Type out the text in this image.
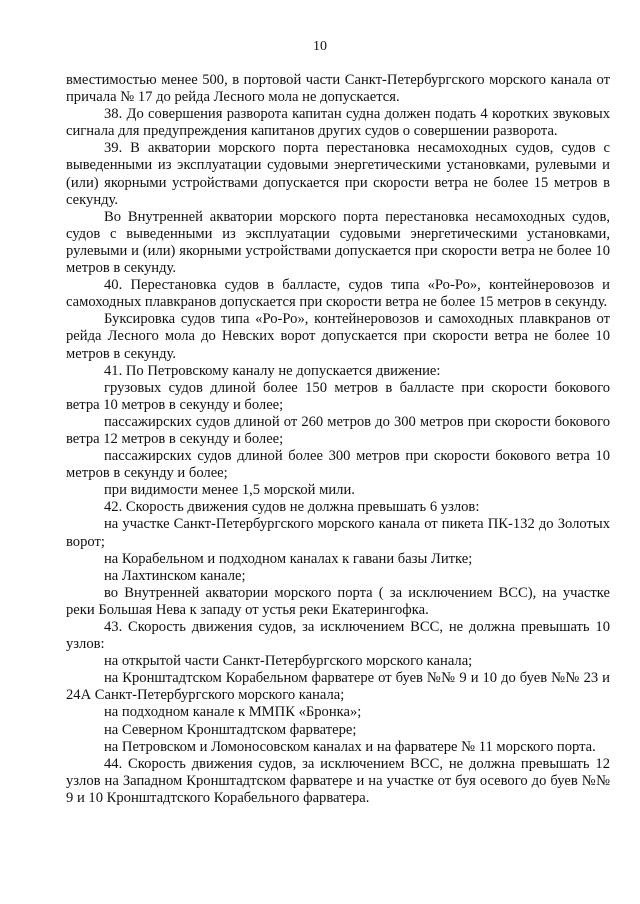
10

вместимостью менее 500, в портовой части Санкт-Петербургского морского канала от причала № 17 до рейда Лесного мола не допускается.

38. До совершения разворота капитан судна должен подать 4 коротких звуковых сигнала для предупреждения капитанов других судов о совершении разворота.

39. В акватории морского порта перестановка несамоходных судов, судов с выведенными из эксплуатации судовыми энергетическими установками, рулевыми и (или) якорными устройствами допускается при скорости ветра не более 15 метров в секунду.

Во Внутренней акватории морского порта перестановка несамоходных судов, судов с выведенными из эксплуатации судовыми энергетическими установками, рулевыми и (или) якорными устройствами допускается при скорости ветра не более 10 метров в секунду.

40. Перестановка судов в балласте, судов типа «Ро-Ро», контейнеровозов и самоходных плавкранов допускается при скорости ветра не более 15 метров в секунду.

Буксировка судов типа «Ро-Ро», контейнеровозов и самоходных плавкранов от рейда Лесного мола до Невских ворот допускается при скорости ветра не более 10 метров в секунду.

41. По Петровскому каналу не допускается движение:

грузовых судов длиной более 150 метров в балласте при скорости бокового ветра 10 метров в секунду и более;

пассажирских судов длиной от 260 метров до 300 метров при скорости бокового ветра 12 метров в секунду и более;

пассажирских судов длиной более 300 метров при скорости бокового ветра 10 метров в секунду и более;

при видимости менее 1,5 морской мили.

42. Скорость движения судов не должна превышать 6 узлов:

на участке Санкт-Петербургского морского канала от пикета ПК-132 до Золотых ворот;

на Корабельном и подходном каналах к гавани базы Литке;

на Лахтинском канале;

во Внутренней акватории морского порта ( за исключением ВСС), на участке реки Большая Нева к западу от устья реки Екатерингофка.

43. Скорость движения судов, за исключением ВСС, не должна превышать 10 узлов:

на открытой части Санкт-Петербургского морского канала;

на Кронштадтском Корабельном фарватере от буев №№ 9 и 10 до буев №№ 23 и 24А Санкт-Петербургского морского канала;

на подходном канале к ММПК «Бронка»;

на Северном Кронштадтском фарватере;

на Петровском и Ломоносовском каналах и на фарватере № 11 морского порта.

44. Скорость движения судов, за исключением ВСС, не должна превышать 12 узлов на Западном Кронштадтском фарватере и на участке от буя осевого до буев №№ 9 и 10 Кронштадтского Корабельного фарватера.
